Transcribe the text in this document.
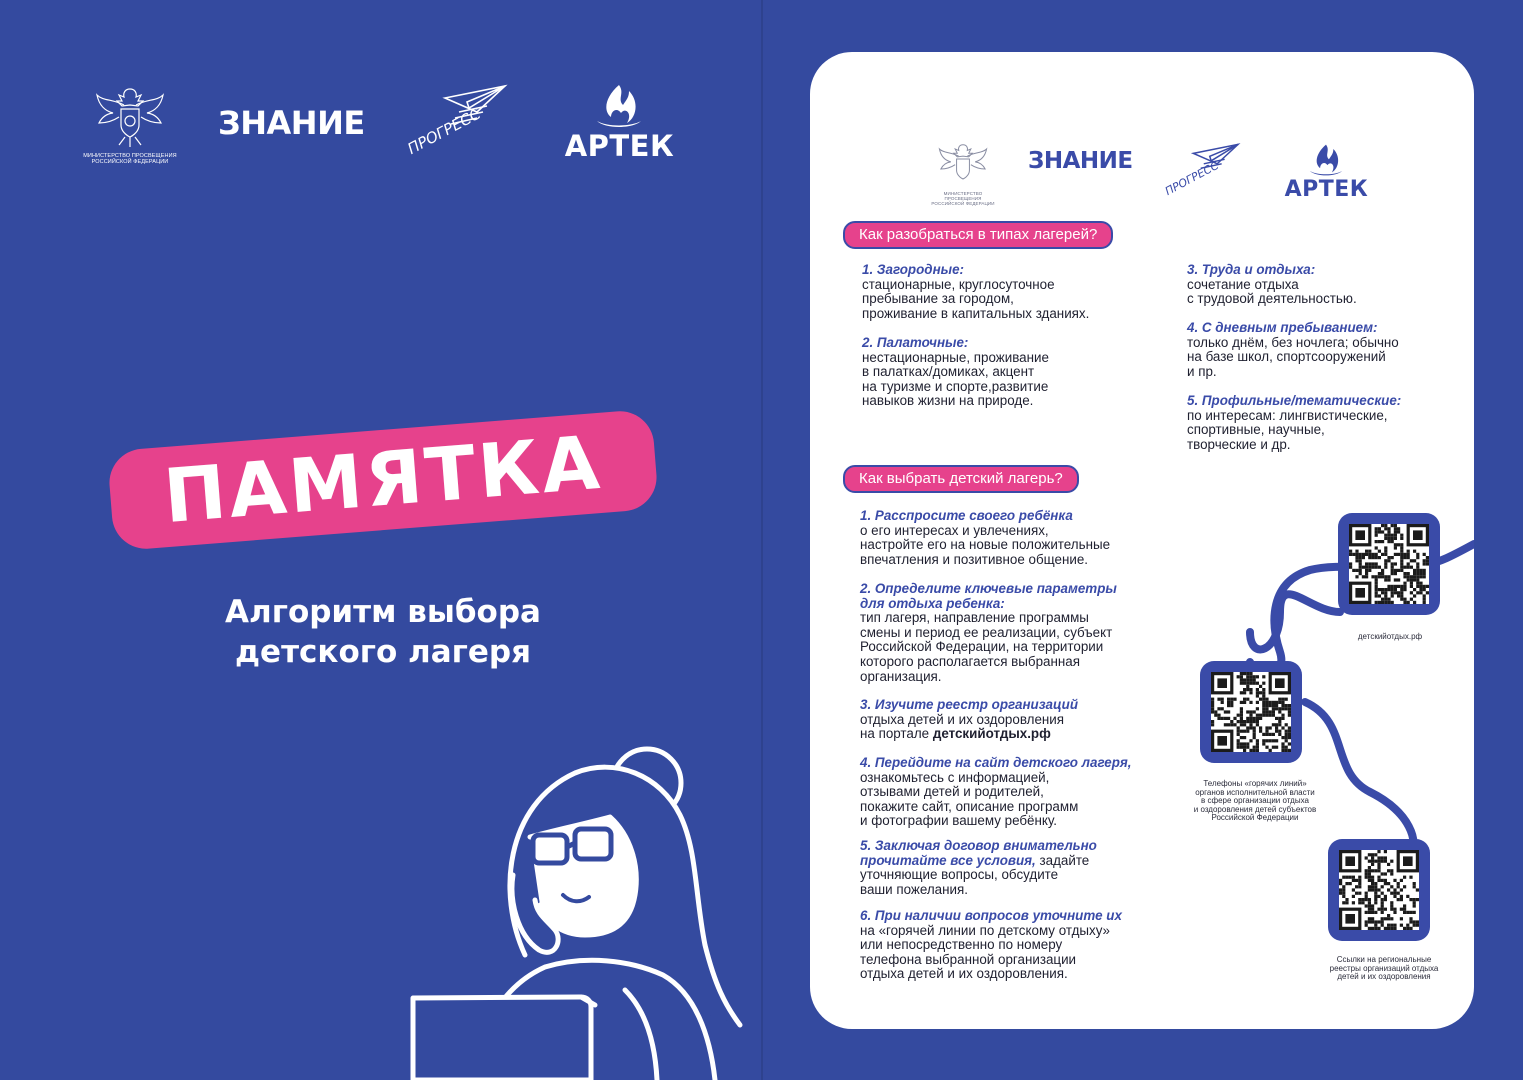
МИНИСТЕРСТВО ПРОСВЕЩЕНИЯ
РОССИЙСКОЙ ФЕДЕРАЦИИ
ЗНАНИЕ	ПРОГРЕСС	АРТЕК
ПАМЯТКА
Алгоритм выбора
детского лагеря
МИНИСТЕРСТВО ПРОСВЕЩЕНИЯ
РОССИЙСКОЙ ФЕДЕРАЦИИ
ЗНАНИЕ	ПРОГРЕСС	АРТЕК
Как разобраться в типах лагерей?
1. Загородные:
стационарные, круглосуточное
пребывание за городом,
проживание в капитальных зданиях.
2. Палаточные:
нестационарные, проживание
в палатках/домиках, акцент
на туризме и спорте,развитие
навыков жизни на природе.
3. Труда и отдыха:
сочетание отдыха
с трудовой деятельностью.
4. С дневным пребыванием:
только днём, без ночлега; обычно
на базе школ, спортсооружений
и пр.
5. Профильные/тематические:
по интересам: лингвистические,
спортивные, научные,
творческие и др.
Как выбрать детский лагерь?
1. Расспросите своего ребёнка
о его интересах и увлечениях,
настройте его на новые положительные
впечатления и позитивное общение.
2. Определите ключевые параметры
для отдыха ребенка:
тип лагеря, направление программы
смены и период ее реализации, субъект
Российской Федерации, на территории
которого располагается выбранная
организация.
3. Изучите реестр организаций
отдыха детей и их оздоровления
на портале детскийотдых.рф
4. Перейдите на сайт детского лагеря,
ознакомьтесь с информацией,
отзывами детей и родителей,
покажите сайт, описание программ
и фотографии вашему ребёнку.
5. Заключая договор внимательно
прочитайте все условия, задайте
уточняющие вопросы, обсудите
ваши пожелания.
6. При наличии вопросов уточните их
на «горячей линии по детскому отдыху»
или непосредственно по номеру
телефона выбранной организации
отдыха детей и их оздоровления.
детскийотдых.рф
Телефоны «горячих линий»
органов исполнительной власти
в сфере организации отдыха
и оздоровления детей субъектов
Российской Федерации
Ссылки на региональные
реестры организаций отдыха
детей и их оздоровления
